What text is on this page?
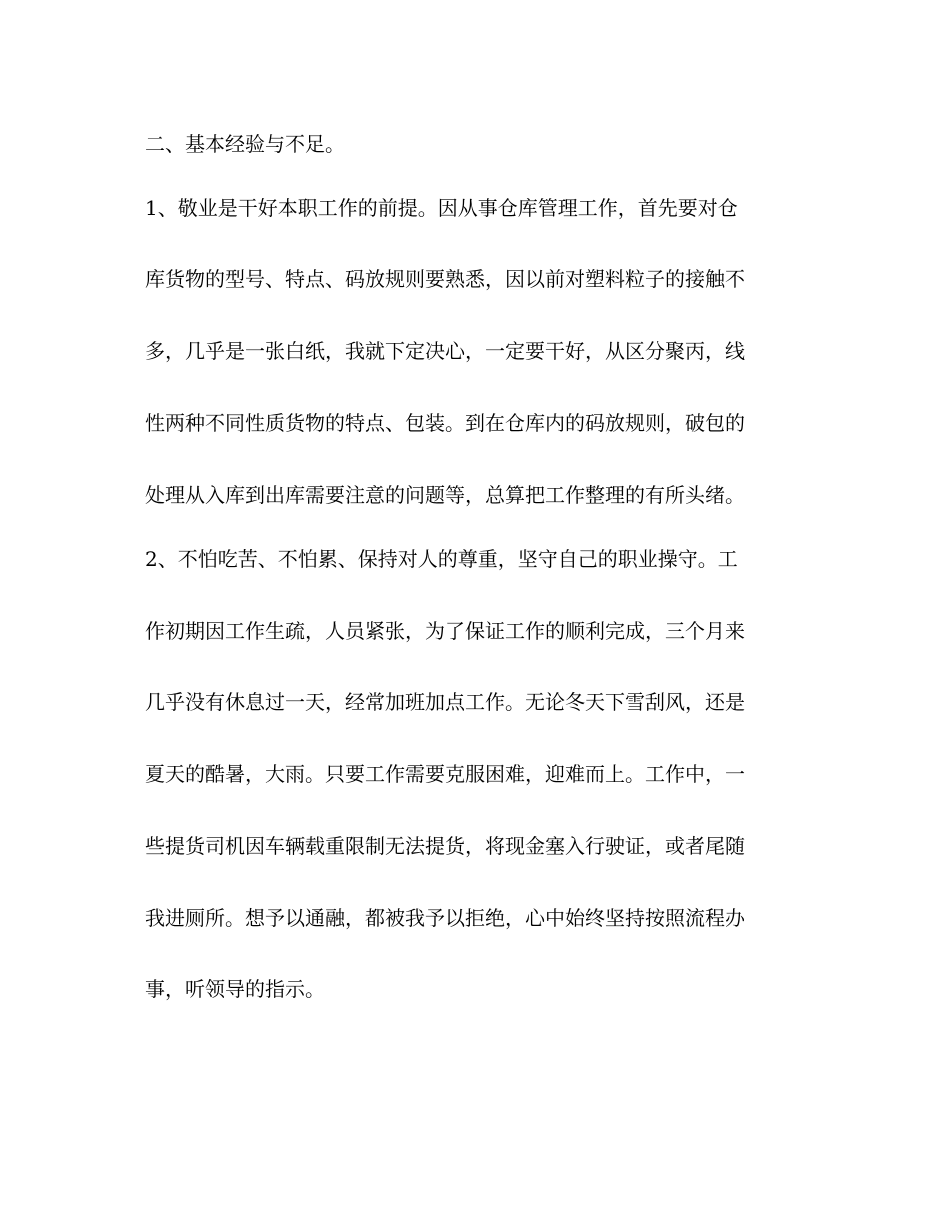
二、基本经验与不足。
1、敬业是干好本职工作的前提。因从事仓库管理工作，首先要对仓
库货物的型号、特点、码放规则要熟悉，因以前对塑料粒子的接触不
多，几乎是一张白纸，我就下定决心，一定要干好，从区分聚丙，线
性两种不同性质货物的特点、包装。到在仓库内的码放规则，破包的
处理从入库到出库需要注意的问题等，总算把工作整理的有所头绪。
2、不怕吃苦、不怕累、保持对人的尊重，坚守自己的职业操守。工
作初期因工作生疏，人员紧张，为了保证工作的顺利完成，三个月来
几乎没有休息过一天，经常加班加点工作。无论冬天下雪刮风，还是
夏天的酷暑，大雨。只要工作需要克服困难，迎难而上。工作中，一
些提货司机因车辆载重限制无法提货，将现金塞入行驶证，或者尾随
我进厕所。想予以通融，都被我予以拒绝，心中始终坚持按照流程办
事，听领导的指示。
